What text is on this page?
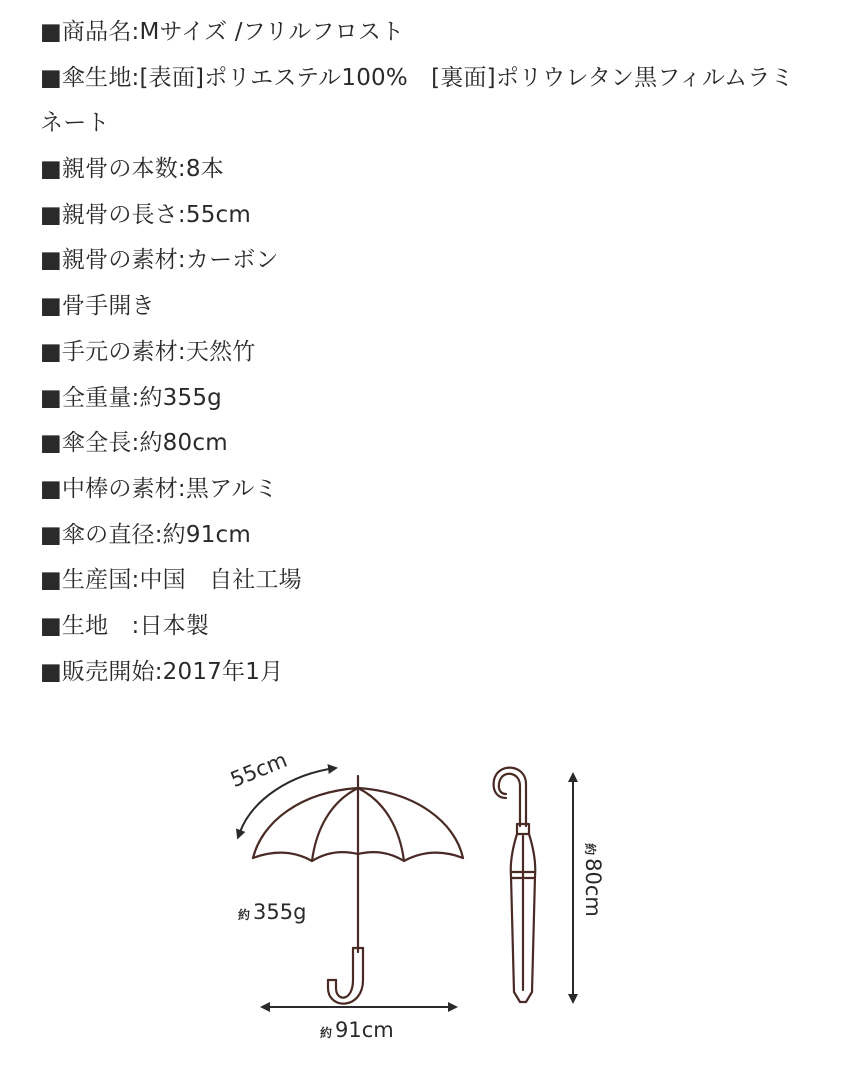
■商品名:Mサイズ /フリルフロスト
■傘生地:[表面]ポリエステル100%　[裏面]ポリウレタン黒フィルムラミネート
■親骨の本数:8本
■親骨の長さ:55cm
■親骨の素材:カーボン
■骨手開き
■手元の素材:天然竹
■全重量:約355g
■傘全長:約80cm
■中棒の素材:黒アルミ
■傘の直径:約91cm
■生産国:中国　自社工場
■生地　:日本製
■販売開始:2017年1月
55cm
約 355g
約 91cm
約80cm
